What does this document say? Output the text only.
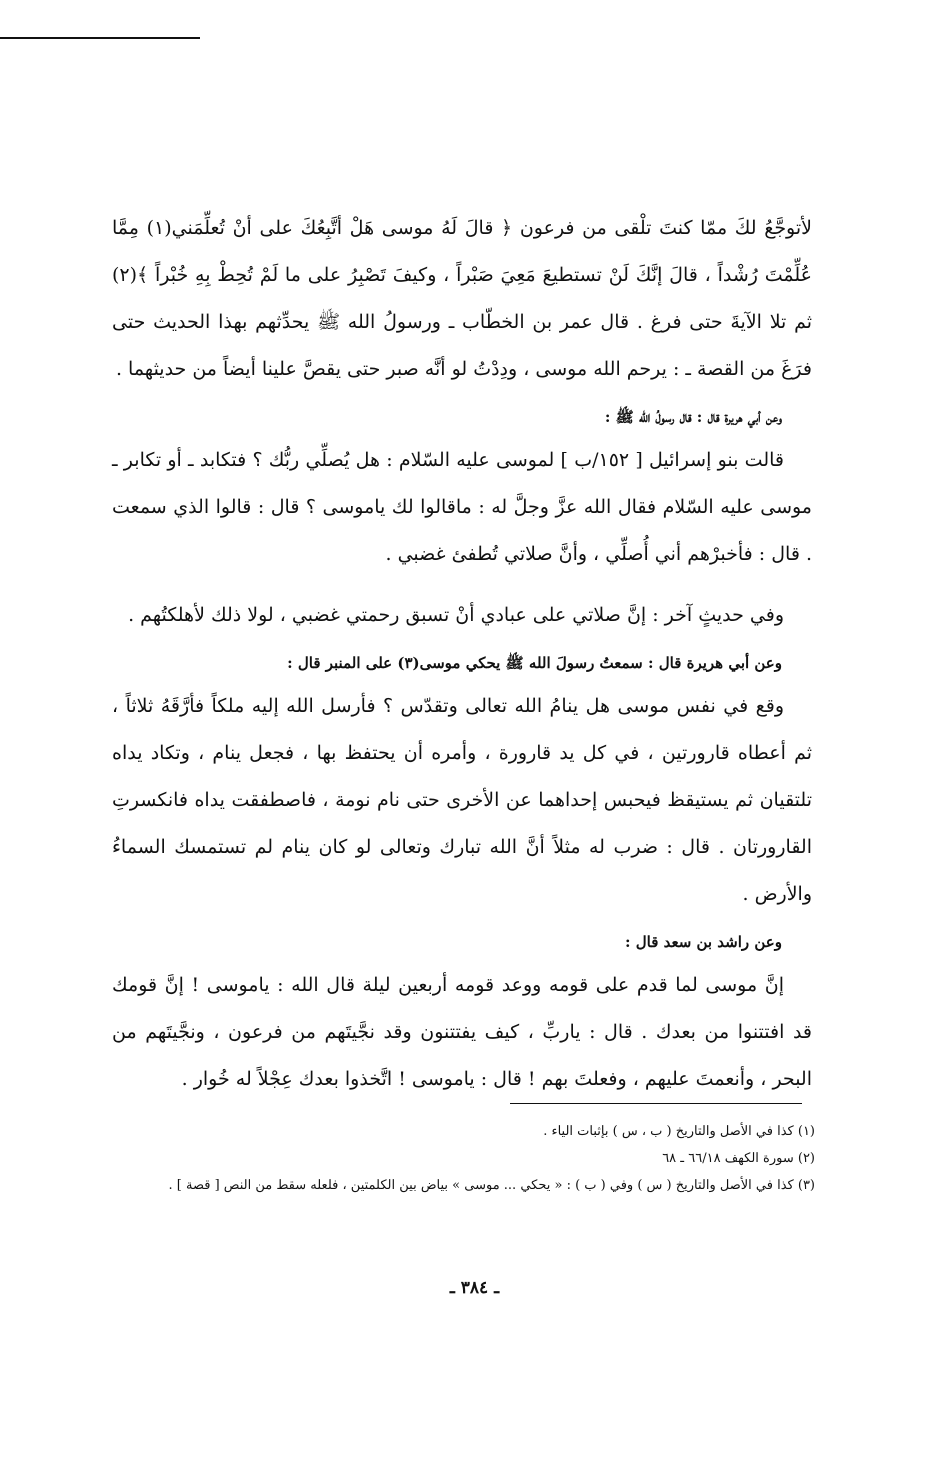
لأتوجَّعُ لكَ ممّا كنتَ تلْقى من فرعون ﴿ قالَ لَهُ موسى هَلْ أتَّبِعُكَ على أنْ تُعلِّمَني(١) مِمَّا عُلِّمْتَ رُشْداً ، قالَ إنَّكَ لَنْ تستطيعَ مَعِيَ صَبْراً ، وكيفَ تَصْبِرُ على ما لَمْ تُحِطْ بِهِ خُبْراً ﴾(٢) ثم تلا الآيةَ حتى فرغ . قال عمر بن الخطّاب ـ ورسولُ الله ﷺ يحدِّثهم بهذا الحديث حتى فرَغَ من القصة ـ : يرحم الله موسى ، ودِدْتُ لو أنَّه صبر حتى يقصَّ علينا أيضاً من حديثهما .

وعن أبي هريرة قال : قال رسولُ الله ﷺ :

قالت بنو إسرائيل [ ١٥٢/ب ] لموسى عليه السّلام : هل يُصلِّي ربُّك ؟ فتكابد ـ أو تكابر ـ موسى عليه السّلام فقال الله عزَّ وجلَّ له : ماقالوا لك ياموسى ؟ قال : قالوا الذي سمعت . قال : فأخبرْهم أني أُصلِّي ، وأنَّ صلاتي تُطفئ غضبي .

وفي حديثٍ آخر : إنَّ صلاتي على عبادي أنْ تسبق رحمتي غضبي ، لولا ذلك لأهلكتُهم .

وعن أبي هريرة قال : سمعتُ رسولَ الله ﷺ يحكي موسى(٣) على المنبر قال :

وقع في نفس موسى هل ينامُ الله تعالى وتقدّس ؟ فأرسل الله إليه ملكاً فأرَّقَهُ ثلاثاً ، ثم أعطاه قارورتين ، في كل يد قارورة ، وأمره أن يحتفظ بها ، فجعل ينام ، وتكاد يداه تلتقيان ثم يستيقظ فيحبس إحداهما عن الأخرى حتى نام نومة ، فاصطفقت يداه فانكسرتِ القارورتان . قال : ضرب له مثلاً أنَّ الله تبارك وتعالى لو كان ينام لم تستمسك السماءُ والأرض .

وعن راشد بن سعد قال :

إنَّ موسى لما قدم على قومه ووعد قومه أربعين ليلة قال الله : ياموسى ! إنَّ قومك قد افتتنوا من بعدك . قال : ياربِّ ، كيف يفتتنون وقد نجَّيتَهم من فرعون ، ونجَّيتَهم من البحر ، وأنعمتَ عليهم ، وفعلتَ بهم ! قال : ياموسى ! اتَّخذوا بعدك عِجْلاً له خُوار .

(١) كذا في الأصل والتاريخ ( ب ، س ) بإثبات الياء .

(٢) سورة الكهف ٦٦/١٨ ـ ٦٨

(٣) كذا في الأصل والتاريخ ( س ) وفي ( ب ) : « يحكي ... موسى » بياض بين الكلمتين ، فلعله سقط من النص [ قصة ] .

ـ ٣٨٤ ـ
